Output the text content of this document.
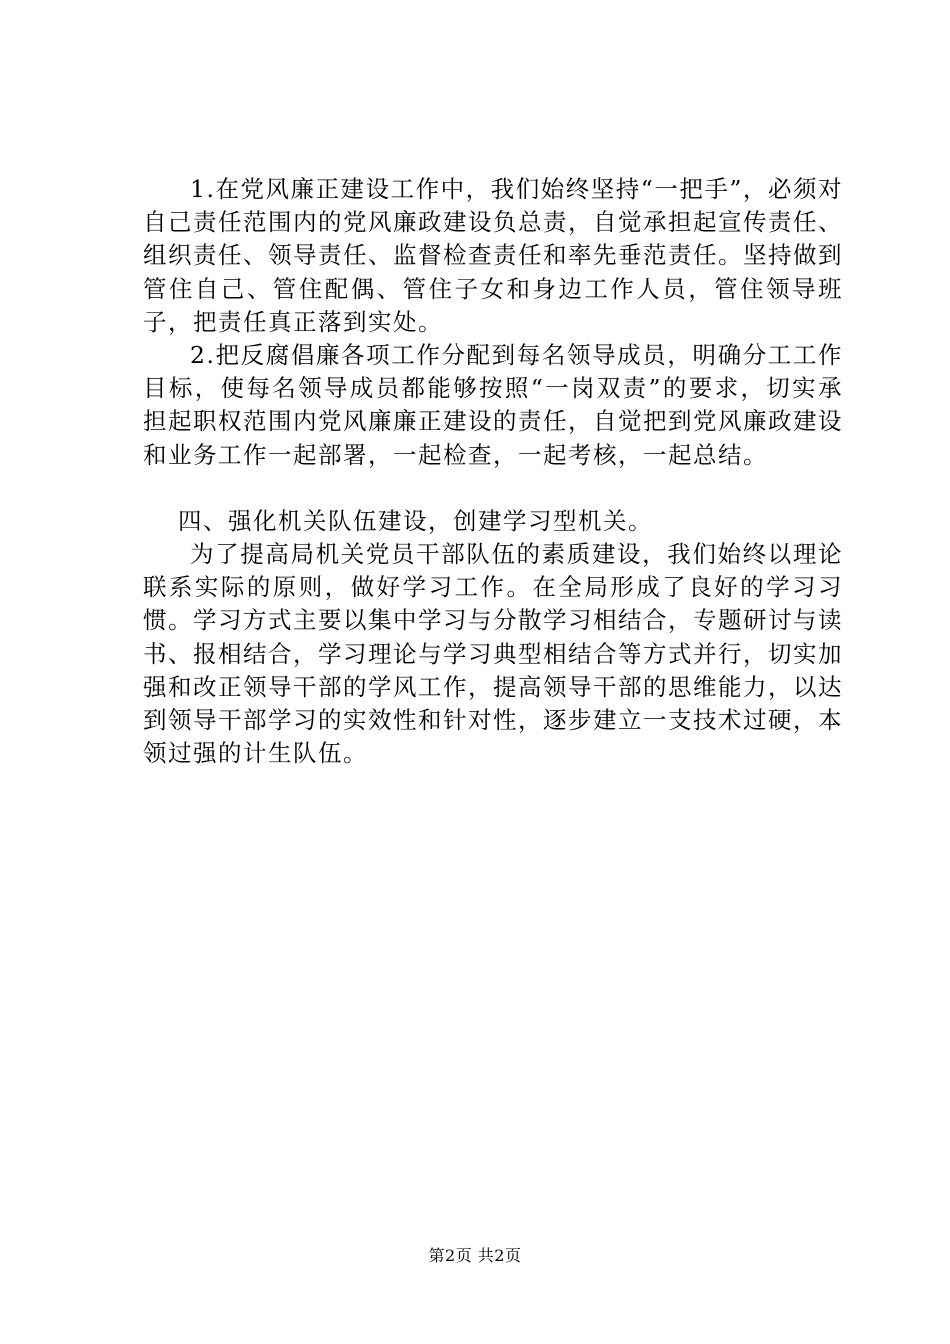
1.在党风廉正建设工作中，我们始终坚持“一把手”，必须对自己责任范围内的党风廉政建设负总责，自觉承担起宣传责任、组织责任、领导责任、监督检查责任和率先垂范责任。坚持做到管住自己、管住配偶、管住子女和身边工作人员，管住领导班子，把责任真正落到实处。

2.把反腐倡廉各项工作分配到每名领导成员，明确分工工作目标，使每名领导成员都能够按照“一岗双责”的要求，切实承担起职权范围内党风廉廉正建设的责任，自觉把到党风廉政建设和业务工作一起部署，一起检查，一起考核，一起总结。

四、强化机关队伍建设，创建学习型机关。

为了提高局机关党员干部队伍的素质建设，我们始终以理论联系实际的原则，做好学习工作。在全局形成了良好的学习习惯。学习方式主要以集中学习与分散学习相结合，专题研讨与读书、报相结合，学习理论与学习典型相结合等方式并行，切实加强和改正领导干部的学风工作，提高领导干部的思维能力，以达到领导干部学习的实效性和针对性，逐步建立一支技术过硬，本领过强的计生队伍。

第2页 共2页
